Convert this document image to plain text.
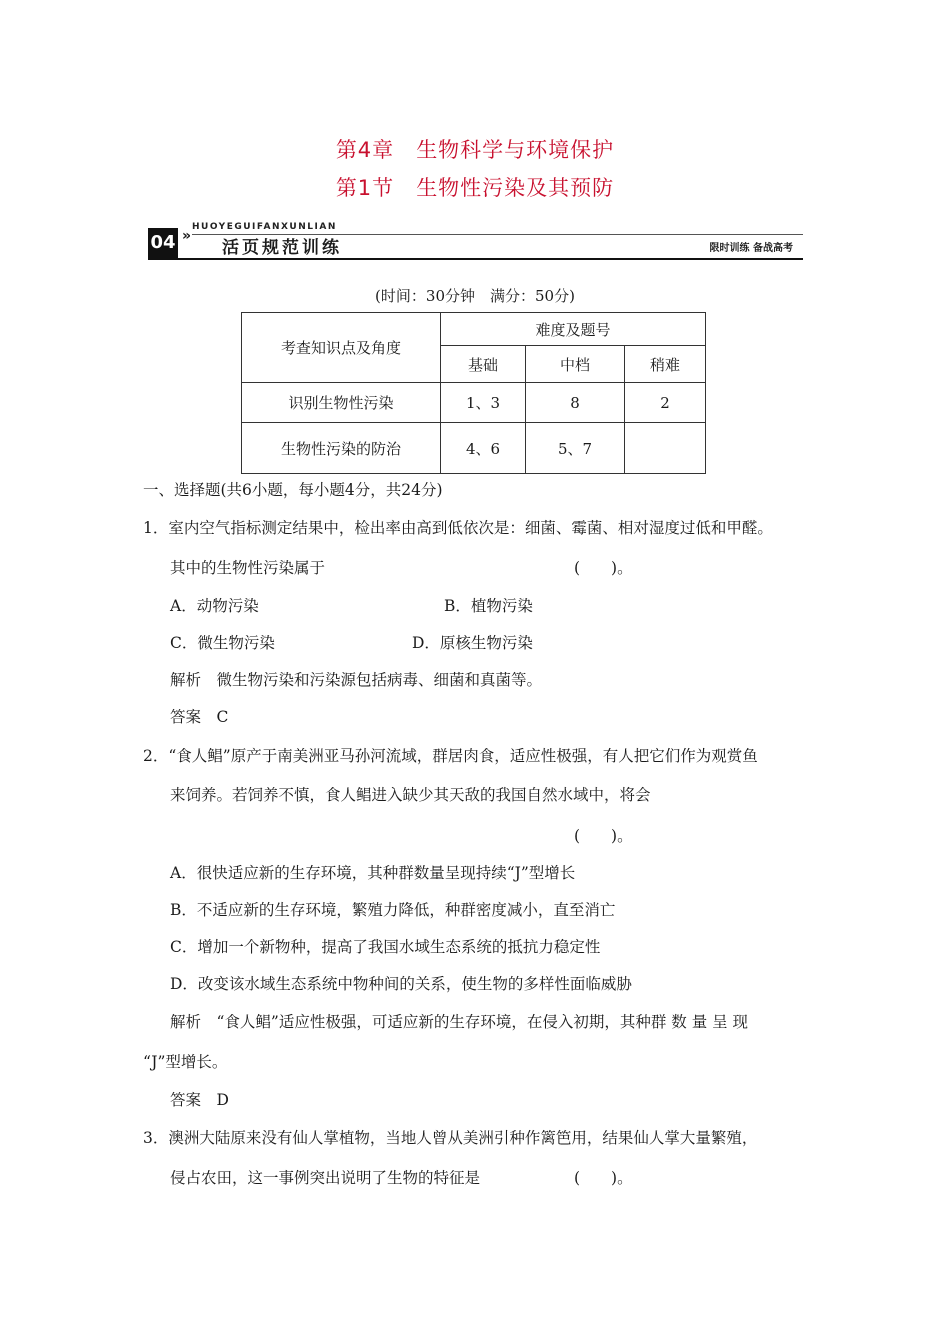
第4章　 生物科学与环境保护
第1节　 生物性污染及其预防
HUOYEGUIFANXUNLIAN
04 »
活页规范训练	限时训练 备战高考
(时间：30分钟　满分：50分)
考查知识点及角度	难度及题号		
	基础	中档	稍难
识别生物性污染	1、3	8	2
生物性污染的防治	4、6	5、7	
一、选择题(共6小题，每小题4分，共24分)
1．室内空气指标测定结果中，检出率由高到低依次是：细菌、霉菌、相对湿度过低和甲醛。
其中的生物性污染属于	(　　)。
A．动物污染	B．植物污染
C．微生物污染	D．原核生物污染
解析　微生物污染和污染源包括病毒、细菌和真菌等。
答案　C
2．“食人鲳”原产于南美洲亚马孙河流域，群居肉食，适应性极强，有人把它们作为观赏鱼
来饲养。若饲养不慎，食人鲳进入缺少其天敌的我国自然水域中，将会
(　　)。
A．很快适应新的生存环境，其种群数量呈现持续“J”型增长
B．不适应新的生存环境，繁殖力降低，种群密度减小，直至消亡
C．增加一个新物种，提高了我国水域生态系统的抵抗力稳定性
D．改变该水域生态系统中物种间的关系，使生物的多样性面临威胁
解析　“食人鲳”适应性极强，可适应新的生存环境，在侵入初期，其种群 数 量 呈 现
“J”型增长。
答案　D
3．澳洲大陆原来没有仙人掌植物，当地人曾从美洲引种作篱笆用，结果仙人掌大量繁殖，
侵占农田，这一事例突出说明了生物的特征是	(　　)。
